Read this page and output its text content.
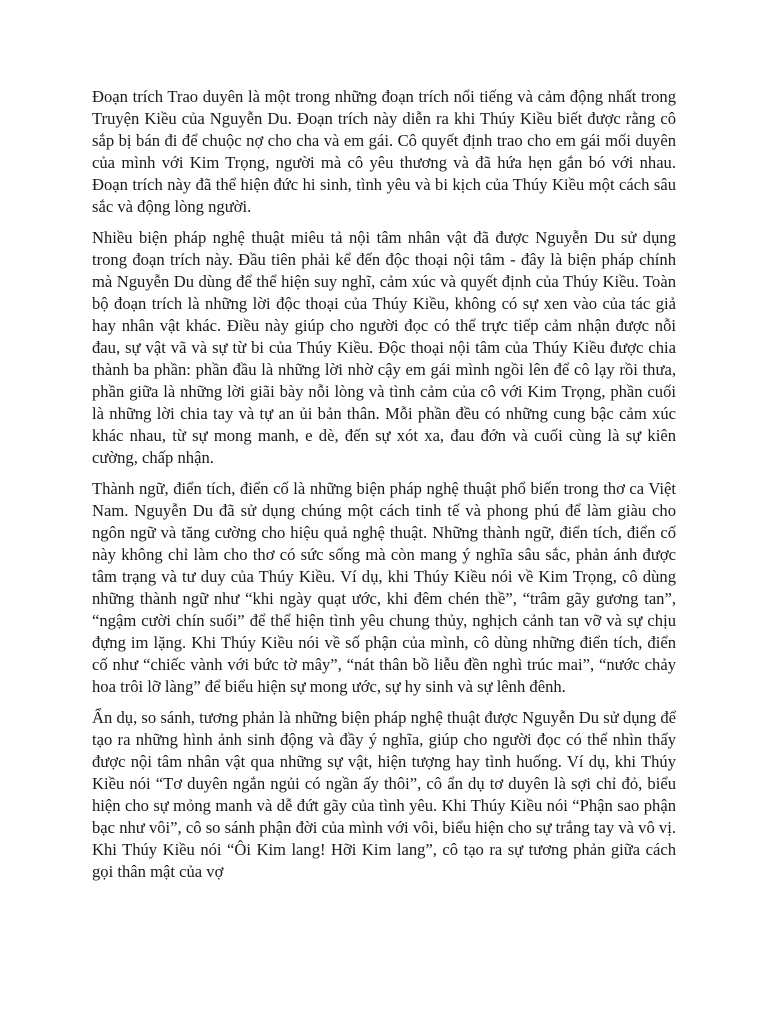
Đoạn trích Trao duyên là một trong những đoạn trích nổi tiếng và cảm động nhất trong Truyện Kiều của Nguyễn Du. Đoạn trích này diễn ra khi Thúy Kiều biết được rằng cô sắp bị bán đi để chuộc nợ cho cha và em gái. Cô quyết định trao cho em gái mối duyên của mình với Kim Trọng, người mà cô yêu thương và đã hứa hẹn gắn bó với nhau. Đoạn trích này đã thể hiện đức hi sinh, tình yêu và bi kịch của Thúy Kiều một cách sâu sắc và động lòng người.

Nhiều biện pháp nghệ thuật miêu tả nội tâm nhân vật đã được Nguyễn Du sử dụng trong đoạn trích này. Đầu tiên phải kể đến độc thoại nội tâm - đây là biện pháp chính mà Nguyễn Du dùng để thể hiện suy nghĩ, cảm xúc và quyết định của Thúy Kiều. Toàn bộ đoạn trích là những lời độc thoại của Thúy Kiều, không có sự xen vào của tác giả hay nhân vật khác. Điều này giúp cho người đọc có thể trực tiếp cảm nhận được nỗi đau, sự vật vã và sự từ bi của Thúy Kiều. Độc thoại nội tâm của Thúy Kiều được chia thành ba phần: phần đầu là những lời nhờ cậy em gái mình ngồi lên để cô lạy rồi thưa, phần giữa là những lời giãi bày nỗi lòng và tình cảm của cô với Kim Trọng, phần cuối là những lời chia tay và tự an ủi bản thân. Mỗi phần đều có những cung bậc cảm xúc khác nhau, từ sự mong manh, e dè, đến sự xót xa, đau đớn và cuối cùng là sự kiên cường, chấp nhận.

Thành ngữ, điển tích, điển cố là những biện pháp nghệ thuật phổ biến trong thơ ca Việt Nam. Nguyễn Du đã sử dụng chúng một cách tinh tế và phong phú để làm giàu cho ngôn ngữ và tăng cường cho hiệu quả nghệ thuật. Những thành ngữ, điển tích, điển cố này không chỉ làm cho thơ có sức sống mà còn mang ý nghĩa sâu sắc, phản ánh được tâm trạng và tư duy của Thúy Kiều. Ví dụ, khi Thúy Kiều nói về Kim Trọng, cô dùng những thành ngữ như “khi ngày quạt ước, khi đêm chén thề”, “trâm gãy gương tan”, “ngậm cười chín suối” để thể hiện tình yêu chung thủy, nghịch cảnh tan vỡ và sự chịu đựng im lặng. Khi Thúy Kiều nói về số phận của mình, cô dùng những điển tích, điển cố như “chiếc vành với bức tờ mây”, “nát thân bồ liễu đền nghì trúc mai”, “nước chảy hoa trôi lỡ làng” để biểu hiện sự mong ước, sự hy sinh và sự lênh đênh.

Ẩn dụ, so sánh, tương phản là những biện pháp nghệ thuật được Nguyễn Du sử dụng để tạo ra những hình ảnh sinh động và đầy ý nghĩa, giúp cho người đọc có thể nhìn thấy được nội tâm nhân vật qua những sự vật, hiện tượng hay tình huống. Ví dụ, khi Thúy Kiều nói “Tơ duyên ngắn ngủi có ngần ấy thôi”, cô ẩn dụ tơ duyên là sợi chỉ đỏ, biểu hiện cho sự mỏng manh và dễ đứt gãy của tình yêu. Khi Thúy Kiều nói “Phận sao phận bạc như vôi”, cô so sánh phận đời của mình với vôi, biểu hiện cho sự trắng tay và vô vị. Khi Thúy Kiều nói “Ôi Kim lang! Hỡi Kim lang”, cô tạo ra sự tương phản giữa cách gọi thân mật của vợ
